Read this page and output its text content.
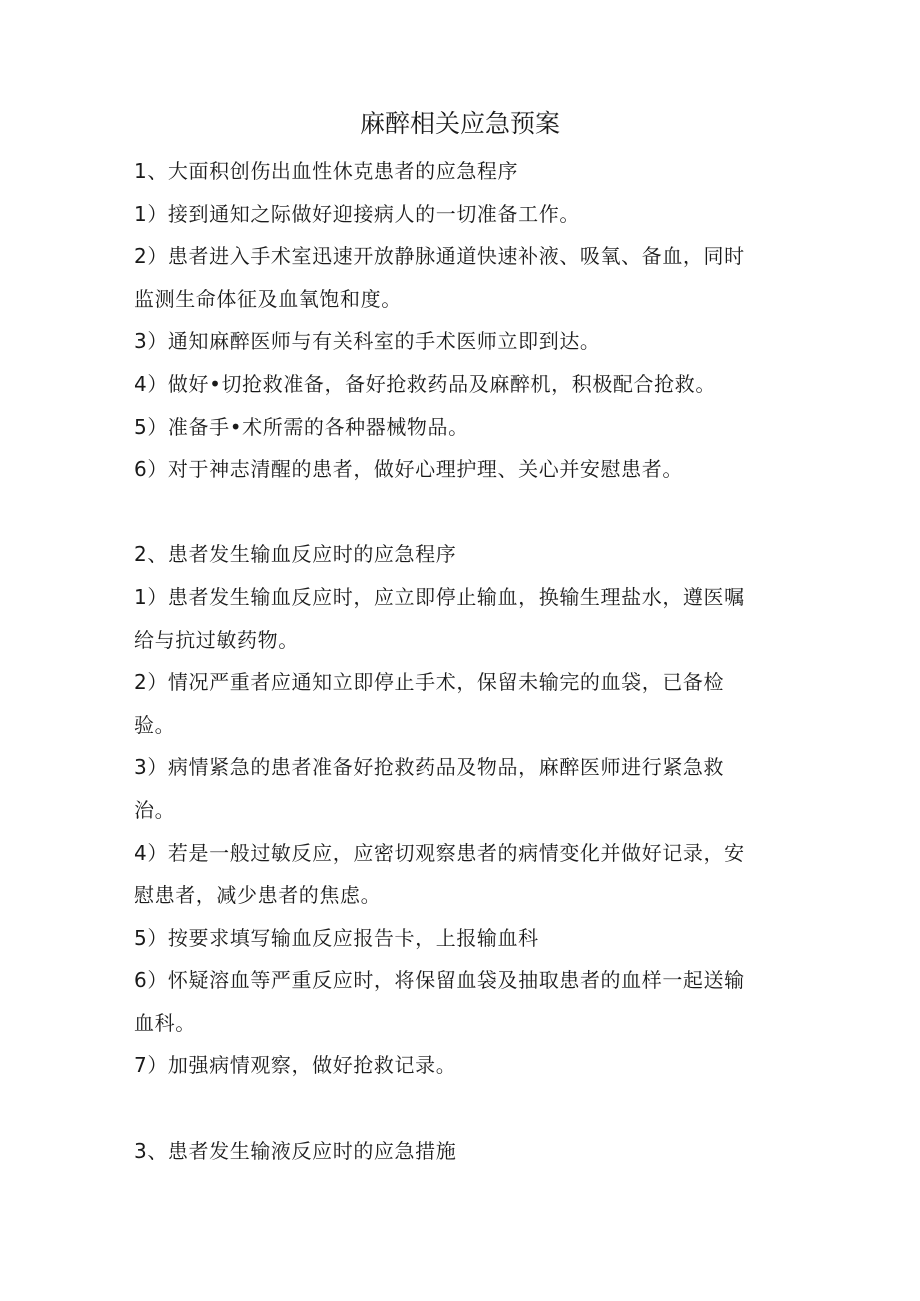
麻醉相关应急预案
1、大面积创伤出血性休克患者的应急程序
1）接到通知之际做好迎接病人的一切准备工作。
2）患者进入手术室迅速开放静脉通道快速补液、吸氧、备血，同时
监测生命体征及血氧饱和度。
3）通知麻醉医师与有关科室的手术医师立即到达。
4）做好•切抢救准备，备好抢救药品及麻醉机，积极配合抢救。
5）准备手•术所需的各种器械物品。
6）对于神志清醒的患者，做好心理护理、关心并安慰患者。
2、患者发生输血反应时的应急程序
1）患者发生输血反应时，应立即停止输血，换输生理盐水，遵医嘱
给与抗过敏药物。
2）情况严重者应通知立即停止手术，保留未输完的血袋，已备检
验。
3）病情紧急的患者准备好抢救药品及物品，麻醉医师进行紧急救
治。
4）若是一般过敏反应，应密切观察患者的病情变化并做好记录，安
慰患者，减少患者的焦虑。
5）按要求填写输血反应报告卡，上报输血科
6）怀疑溶血等严重反应时，将保留血袋及抽取患者的血样一起送输
血科。
7）加强病情观察，做好抢救记录。
3、患者发生输液反应时的应急措施
